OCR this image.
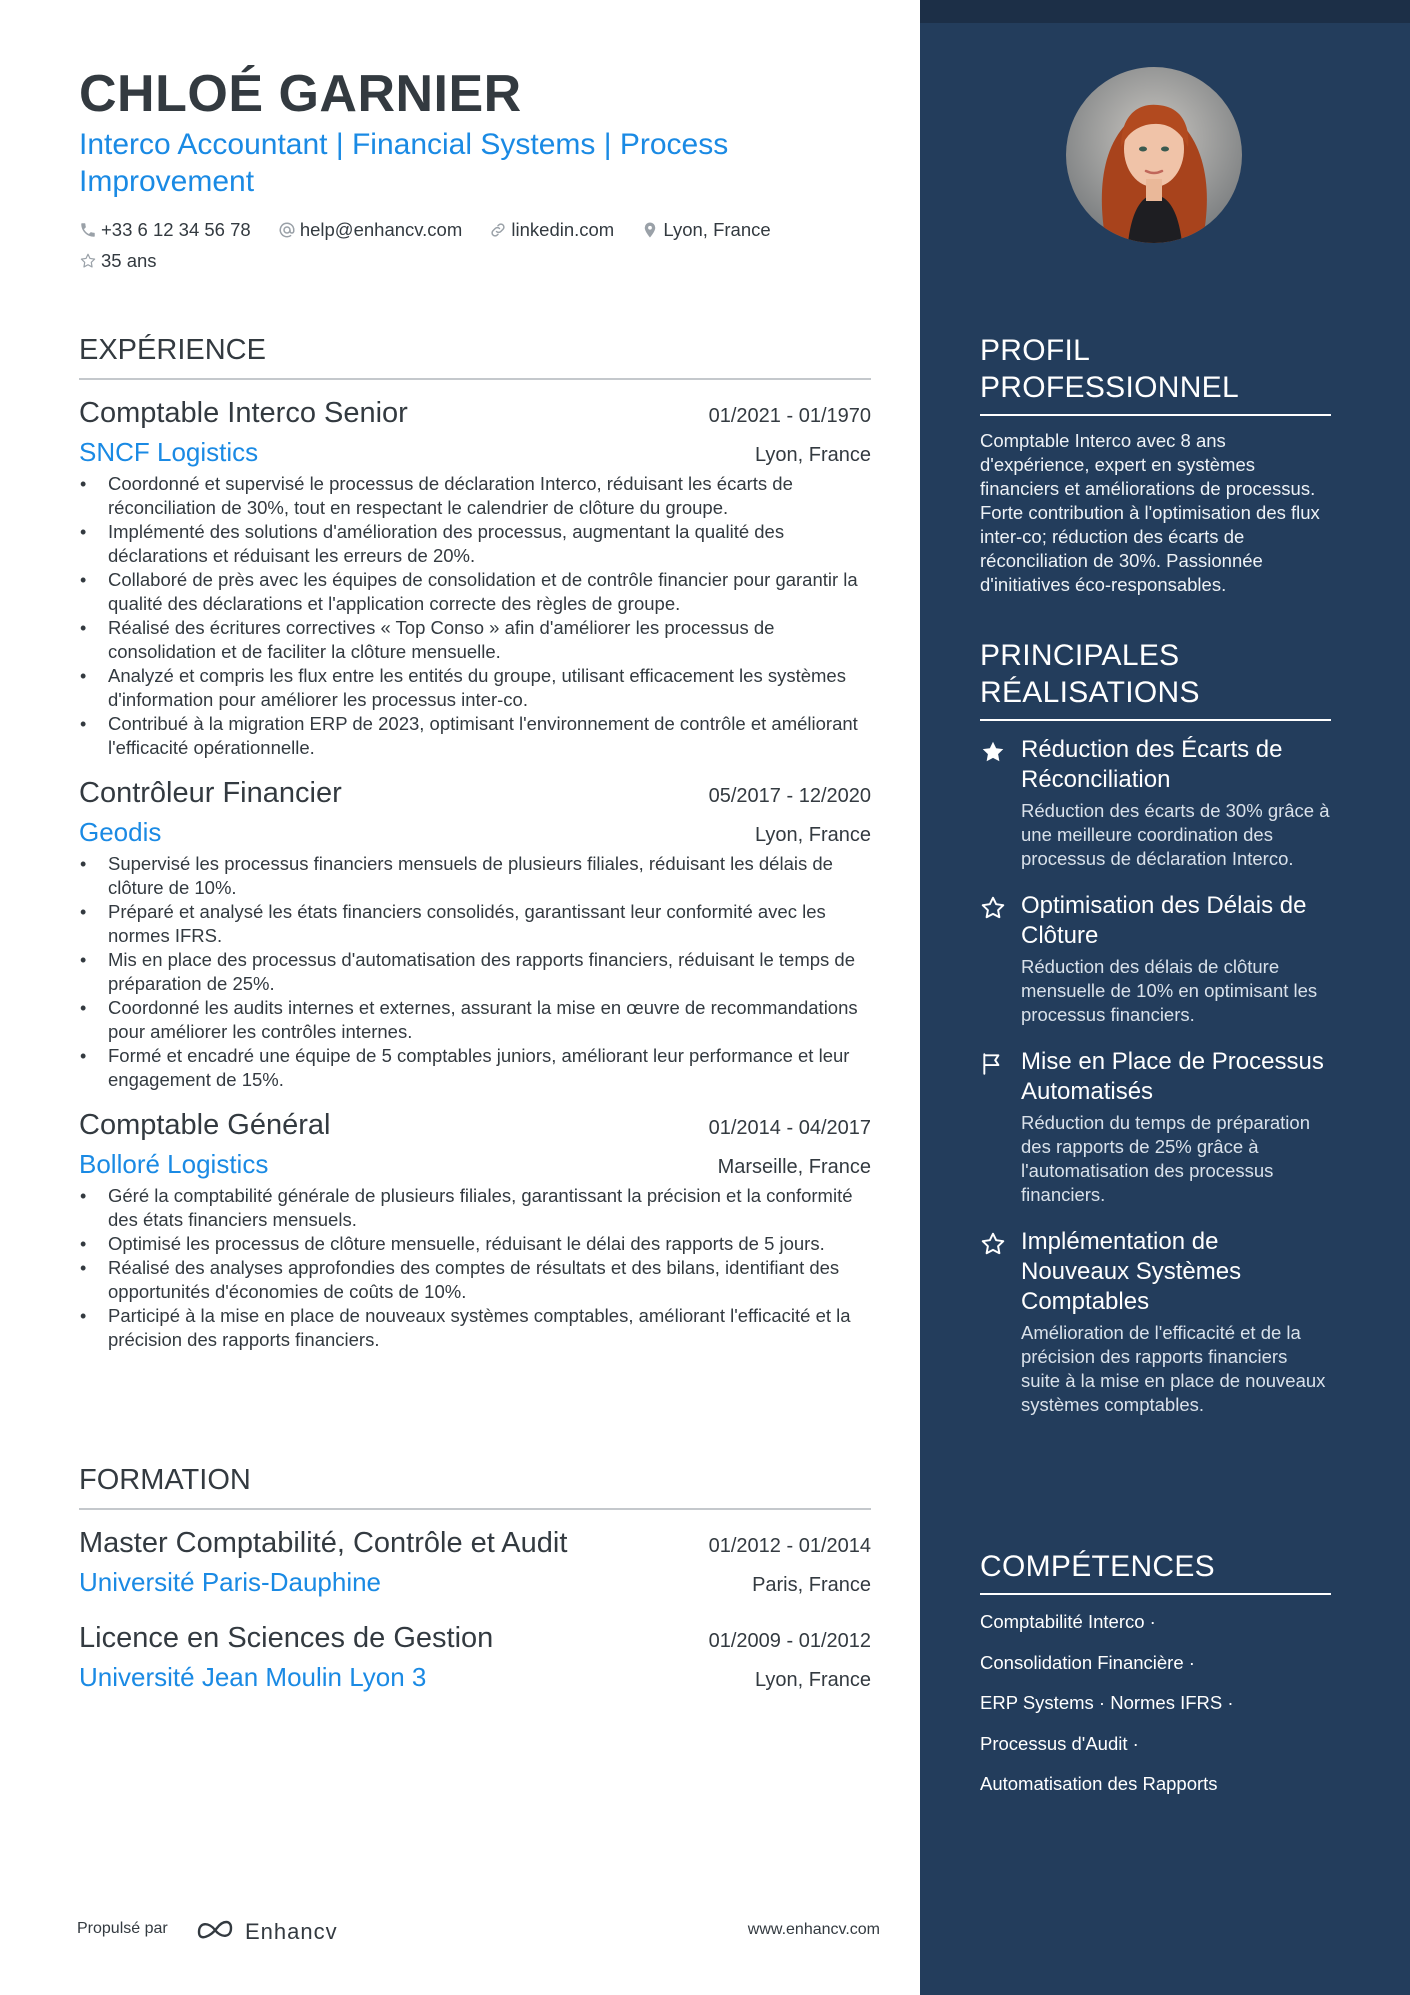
CHLOÉ GARNIER
Interco Accountant | Financial Systems | Process Improvement
+33 6 12 34 56 78
	help@enhancv.com
	linkedin.com
	Lyon, France

35 ans
EXPÉRIENCE
Comptable Interco Senior	01/2021 - 01/1970
SNCF Logistics	Lyon, France
• Coordonné et supervisé le processus de déclaration Interco, réduisant les écarts de réconciliation de 30%, tout en respectant le calendrier de clôture du groupe.
• Implémenté des solutions d'amélioration des processus, augmentant la qualité des déclarations et réduisant les erreurs de 20%.
• Collaboré de près avec les équipes de consolidation et de contrôle financier pour garantir la qualité des déclarations et l'application correcte des règles de groupe.
• Réalisé des écritures correctives « Top Conso » afin d'améliorer les processus de consolidation et de faciliter la clôture mensuelle.
• Analyzé et compris les flux entre les entités du groupe, utilisant efficacement les systèmes d'information pour améliorer les processus inter-co.
• Contribué à la migration ERP de 2023, optimisant l'environnement de contrôle et améliorant l'efficacité opérationnelle.
Contrôleur Financier	05/2017 - 12/2020
Geodis	Lyon, France
• Supervisé les processus financiers mensuels de plusieurs filiales, réduisant les délais de clôture de 10%.
• Préparé et analysé les états financiers consolidés, garantissant leur conformité avec les normes IFRS.
• Mis en place des processus d'automatisation des rapports financiers, réduisant le temps de préparation de 25%.
• Coordonné les audits internes et externes, assurant la mise en œuvre de recommandations pour améliorer les contrôles internes.
• Formé et encadré une équipe de 5 comptables juniors, améliorant leur performance et leur engagement de 15%.
Comptable Général	01/2014 - 04/2017
Bolloré Logistics	Marseille, France
• Géré la comptabilité générale de plusieurs filiales, garantissant la précision et la conformité des états financiers mensuels.
• Optimisé les processus de clôture mensuelle, réduisant le délai des rapports de 5 jours.
• Réalisé des analyses approfondies des comptes de résultats et des bilans, identifiant des opportunités d'économies de coûts de 10%.
• Participé à la mise en place de nouveaux systèmes comptables, améliorant l'efficacité et la précision des rapports financiers.
FORMATION
Master Comptabilité, Contrôle et Audit	01/2012 - 01/2014
Université Paris-Dauphine	Paris, France
Licence en Sciences de Gestion	01/2009 - 01/2012
Université Jean Moulin Lyon 3	Lyon, France
PROFIL PROFESSIONNEL
Comptable Interco avec 8 ans d'expérience, expert en systèmes financiers et améliorations de processus. Forte contribution à l'optimisation des flux inter-co; réduction des écarts de réconciliation de 30%. Passionnée d'initiatives éco-responsables.
PRINCIPALES RÉALISATIONS
Réduction des Écarts de Réconciliation
Réduction des écarts de 30% grâce à une meilleure coordination des processus de déclaration Interco.
Optimisation des Délais de Clôture
Réduction des délais de clôture mensuelle de 10% en optimisant les processus financiers.
Mise en Place de Processus Automatisés
Réduction du temps de préparation des rapports de 25% grâce à l'automatisation des processus financiers.
Implémentation de Nouveaux Systèmes Comptables
Amélioration de l'efficacité et de la précision des rapports financiers suite à la mise en place de nouveaux systèmes comptables.
COMPÉTENCES
Comptabilité Interco ·
Consolidation Financière ·
ERP Systems · Normes IFRS ·
Processus d'Audit ·
Automatisation des Rapports
Propulsé par	Enhancv	www.enhancv.com
